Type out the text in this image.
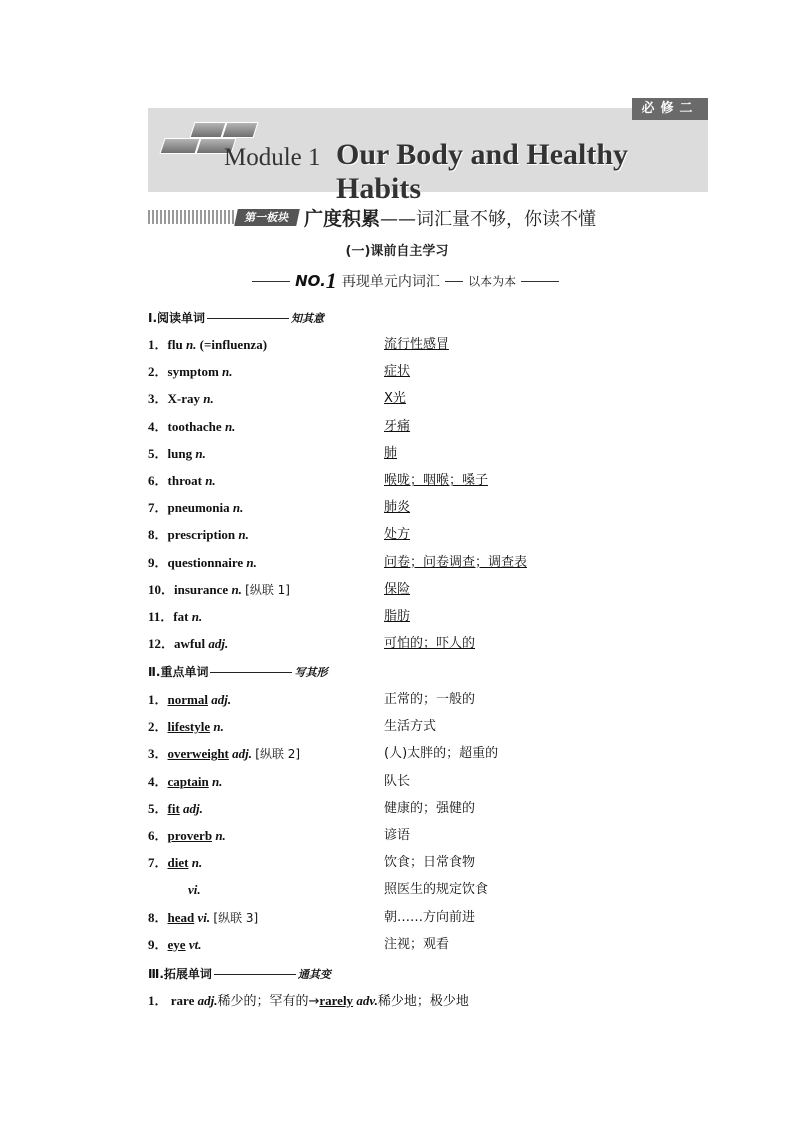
必修二
Module 1 Our Body and Healthy Habits
第一板块 广度积累——词汇量不够，你读不懂
(一)课前自主学习
NO.1 再现单元内词汇 以本为本
Ⅰ.阅读单词	知其意
1．flu n. (=influenza)	流行性感冒
2．symptom n.	症状
3．X-ray n.	X光
4．toothache n.	牙痛
5．lung n.	肺
6．throat n.	喉咙；咽喉；嗓子
7．pneumonia n.	肺炎
8．prescription n.	处方
9．questionnaire n.	问卷；问卷调查；调查表
10．insurance n. [纵联 1]	保险
11．fat n.	脂肪
12．awful adj.	可怕的；吓人的
Ⅱ.重点单词	写其形
1．normal adj.	正常的；一般的
2．lifestyle n.	生活方式
3．overweight adj. [纵联 2]	(人)太胖的；超重的
4．captain n.	队长
5．fit adj.	健康的；强健的
6．proverb n.	谚语
7．diet n.	饮食；日常食物
vi.	照医生的规定饮食
8．head vi. [纵联 3]	朝……方向前进
9．eye vt.	注视；观看
Ⅲ.拓展单词	通其变
1． rare adj.稀少的；罕有的→rarely adv.稀少地；极少地
